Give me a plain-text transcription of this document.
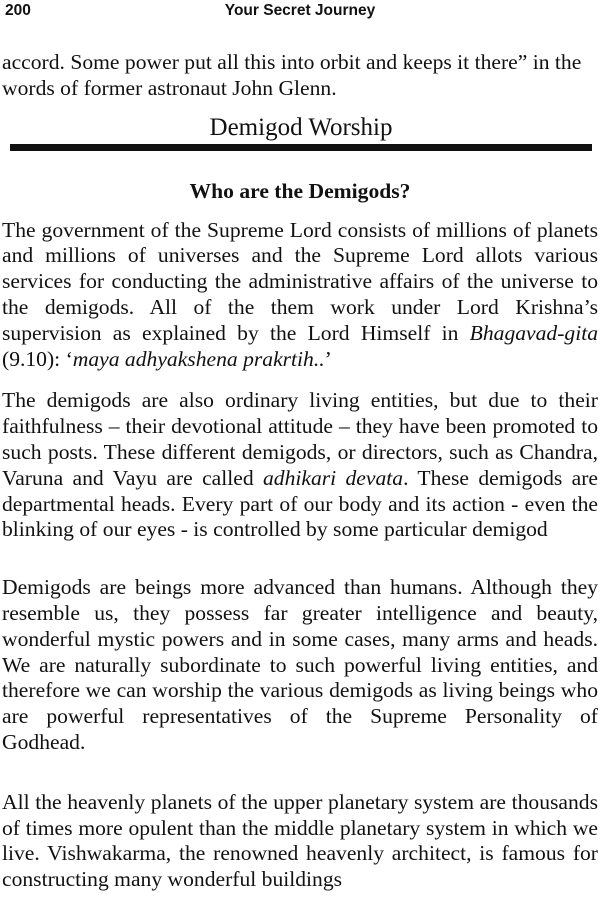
200	Your Secret Journey

accord. Some power put all this into orbit and keeps it there” in the words of former astronaut John Glenn.

Demigod Worship
Who are the Demigods?

The government of the Supreme Lord consists of millions of planets and millions of universes and the Supreme Lord allots various services for conducting the administrative affairs of the universe to the demigods. All of the them work under Lord Krishna’s supervision as explained by the Lord Himself in Bhagavad-gita (9.10): ‘maya adhyakshena prakrtih..’

The demigods are also ordinary living entities, but due to their faithfulness – their devotional attitude – they have been promoted to such posts. These different demigods, or directors, such as Chandra, Varuna and Vayu are called adhikari devata. These demigods are departmental heads. Every part of our body and its action - even the blinking of our eyes - is controlled by some particular demigod

Demigods are beings more advanced than humans. Although they resemble us, they possess far greater intelligence and beauty, wonderful mystic powers and in some cases, many arms and heads. We are naturally subordinate to such powerful living entities, and therefore we can worship the various demigods as living beings who are powerful representatives of the Supreme Personality of Godhead.

All the heavenly planets of the upper planetary system are thousands of times more opulent than the middle planetary system in which we live. Vishwakarma, the renowned heavenly architect, is famous for constructing many wonderful buildings
